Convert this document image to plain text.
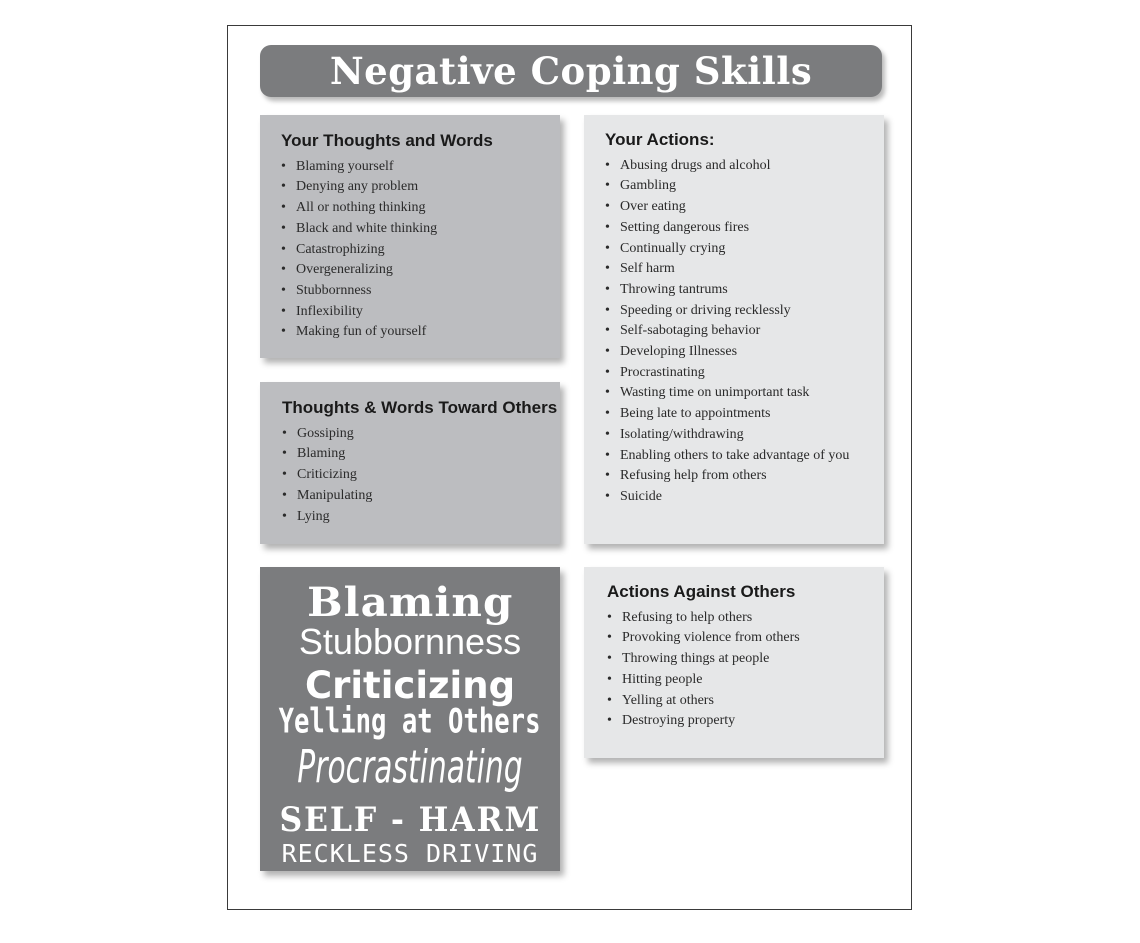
Negative Coping Skills
Your Thoughts and Words
• Blaming yourself
• Denying any problem
• All or nothing thinking
• Black and white thinking
• Catastrophizing
• Overgeneralizing
• Stubbornness
• Inflexibility
• Making fun of yourself
Thoughts & Words Toward Others
• Gossiping
• Blaming
• Criticizing
• Manipulating
• Lying
Your Actions:
• Abusing drugs and alcohol
• Gambling
• Over eating
• Setting dangerous fires
• Continually crying
• Self harm
• Throwing tantrums
• Speeding or driving recklessly
• Self-sabotaging behavior
• Developing Illnesses
• Procrastinating
• Wasting time on unimportant task
• Being late to appointments
• Isolating/withdrawing
• Enabling others to take advantage of you
• Refusing help from others
• Suicide
Actions Against Others
• Refusing to help others
• Provoking violence from others
• Throwing things at people
• Hitting people
• Yelling at others
• Destroying property
Blaming
Stubbornness
Criticizing
Yelling at Others
Procrastinating
SELF - HARM
RECKLESS DRIVING
